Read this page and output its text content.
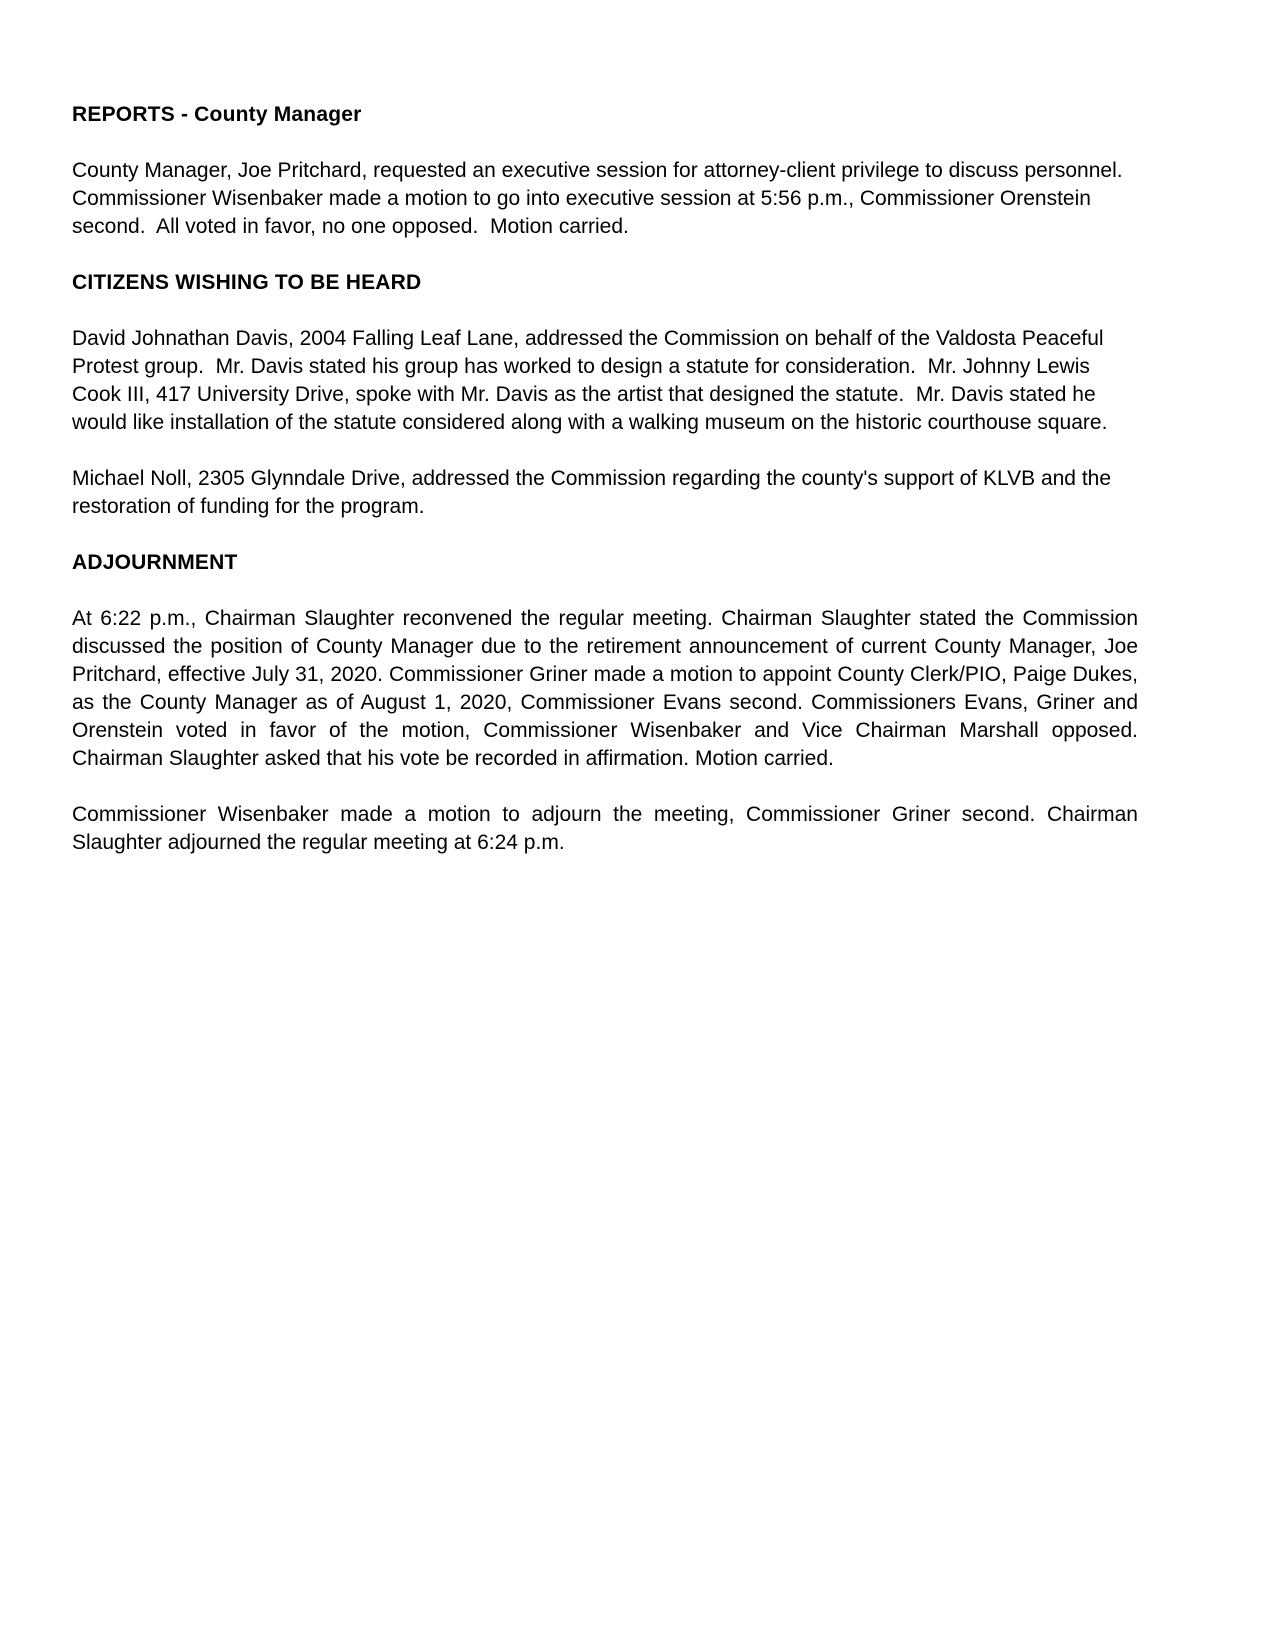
REPORTS - County Manager
County Manager, Joe Pritchard, requested an executive session for attorney-client privilege to discuss personnel.  Commissioner Wisenbaker made a motion to go into executive session at 5:56 p.m., Commissioner Orenstein second.  All voted in favor, no one opposed.  Motion carried.
CITIZENS WISHING TO BE HEARD
David Johnathan Davis, 2004 Falling Leaf Lane, addressed the Commission on behalf of the Valdosta Peaceful Protest group.  Mr. Davis stated his group has worked to design a statute for consideration.  Mr. Johnny Lewis Cook III, 417 University Drive, spoke with Mr. Davis as the artist that designed the statute.  Mr. Davis stated he would like installation of the statute considered along with a walking museum on the historic courthouse square.
Michael Noll, 2305 Glynndale Drive, addressed the Commission regarding the county's support of KLVB and the restoration of funding for the program.
ADJOURNMENT
At 6:22 p.m., Chairman Slaughter reconvened the regular meeting. Chairman Slaughter stated the Commission discussed the position of County Manager due to the retirement announcement of current County Manager, Joe Pritchard, effective July 31, 2020. Commissioner Griner made a motion to appoint County Clerk/PIO, Paige Dukes, as the County Manager as of August 1, 2020, Commissioner Evans second. Commissioners Evans, Griner and Orenstein voted in favor of the motion, Commissioner Wisenbaker and Vice Chairman Marshall opposed. Chairman Slaughter asked that his vote be recorded in affirmation. Motion carried.
Commissioner Wisenbaker made a motion to adjourn the meeting, Commissioner Griner second. Chairman Slaughter adjourned the regular meeting at 6:24 p.m.
